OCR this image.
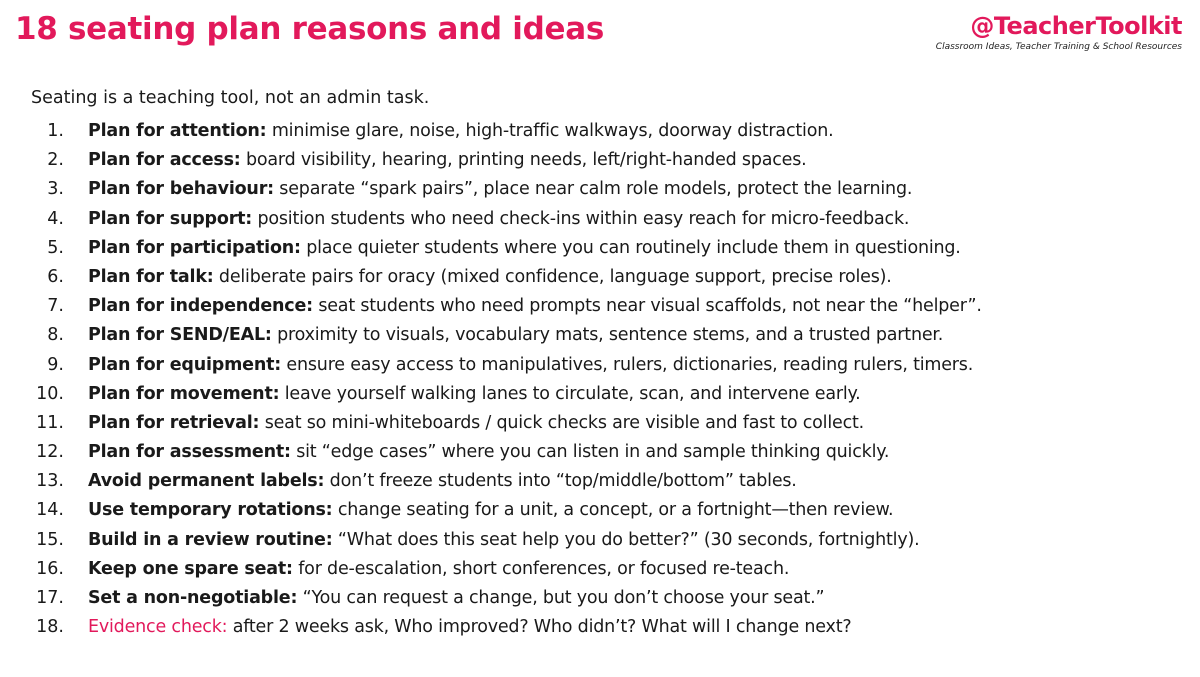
18 seating plan reasons and ideas	@TeacherToolkit
Classroom Ideas, Teacher Training & School Resources

Seating is a teaching tool, not an admin task.

1. Plan for attention: minimise glare, noise, high-traffic walkways, doorway distraction.
2. Plan for access: board visibility, hearing, printing needs, left/right-handed spaces.
3. Plan for behaviour: separate “spark pairs”, place near calm role models, protect the learning.
4. Plan for support: position students who need check-ins within easy reach for micro-feedback.
5. Plan for participation: place quieter students where you can routinely include them in questioning.
6. Plan for talk: deliberate pairs for oracy (mixed confidence, language support, precise roles).
7. Plan for independence: seat students who need prompts near visual scaffolds, not near the “helper”.
8. Plan for SEND/EAL: proximity to visuals, vocabulary mats, sentence stems, and a trusted partner.
9. Plan for equipment: ensure easy access to manipulatives, rulers, dictionaries, reading rulers, timers.
10. Plan for movement: leave yourself walking lanes to circulate, scan, and intervene early.
11. Plan for retrieval: seat so mini-whiteboards / quick checks are visible and fast to collect.
12. Plan for assessment: sit “edge cases” where you can listen in and sample thinking quickly.
13. Avoid permanent labels: don’t freeze students into “top/middle/bottom” tables.
14. Use temporary rotations: change seating for a unit, a concept, or a fortnight—then review.
15. Build in a review routine: “What does this seat help you do better?” (30 seconds, fortnightly).
16. Keep one spare seat: for de-escalation, short conferences, or focused re-teach.
17. Set a non-negotiable: “You can request a change, but you don’t choose your seat.”
18. Evidence check: after 2 weeks ask, Who improved? Who didn’t? What will I change next?
